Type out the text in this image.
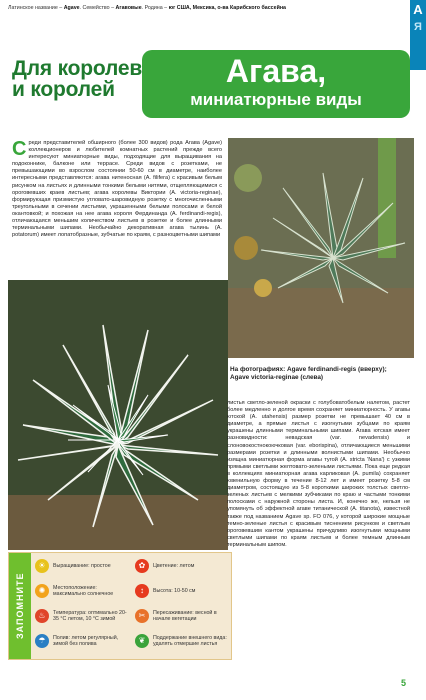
Латинское название – Agave. Семейство – Агавовые. Родина – юг США, Мексика, о-ва Карибского бассейна	А
Я
Для королев
и королей
Агава,
миниатюрные виды
Среди представителей обширного (более 300 видов) рода Агава (Agave) коллекционеров и любителей комнатных растений прежде всего интересуют миниатюрные виды, подходящие для выращивания на подоконнике, балконе или террасе. Среди видов с розетками, не превышающими во взрослом состоянии 50-60 см в диаметре, наиболее интересными представляются: агава нитеносная (A. filifera) с красивым белым рисунком на листьях и длинными тонкими белыми нитями, отщепляющимися с ороговевших краев листьев; агава королевы Виктории (A. victoria-reginae), формирующая призмистую угловато-шаровидную розетку с многочисленными треугольными в сечении листьями, украшенными белыми полосами и белой окантовкой; и похожая на нее агава короля Фердинанда (A. ferdinandi-regis), отличающаяся меньшим количеством листьев в розетке и более длинными терминальными шипами. Необычайно декоративная агава тылинь (A. potatorum) имеет лопатобразные, зубчатые по краям, с разноцветными шипами
На фотографиях: Agave ferdinandi-regis (вверху); Agave victoria-reginae (слева)
листья светло-зеленой окраски с голубоватобелым налетом, растет более медленно и долгое время сохраняет миниатюрность. У агавы ютской (A. utahensis) размер розетки не превышает 40 см в диаметре, а прямые листья с изогнутыми зубцами по краям украшены длинными терминальными шипами. Агава ютская имеет разновидности: невадская (var. nevadensis) и слоновокостнокоючковая (var. eborispina), отличающиеся меньшими размерами розетки и длинными волнистыми шипами. Необычно изящна миниатюрная форма агавы тугой (A. stricta 'Nana') с узкими прямыми светлыми желтовато-зелеными листьями. Пока еще редкая в коллекциях миниатюрная агава карликовая (A. pumila) сохраняет ювенильную форму в течение 8-12 лет и имеет розетку 5-8 см диаметром, состоящую из 5-8 короткими широких толстых светло-зеленых листьев с мелкими зубчиками по краю и частыми тонкими полосками с наружной стороны листа. И, конечно же, нельзя не упомянуть об эффектной агаве титанической (A. titanota), известной также под названием Agave sp. FO 076, у которой широкие мощные темно-зеленые листья с красивым тиснением рисунком и светлым ороговевшим кантом украшены причудливо изогнутыми мощными светлыми шипами по краям листьев и более темным длинным терминальным шипом.
ЗАПОМНИТЕ
☀	Выращивание: простое	✿	Цветение: летом
✺	Местоположение: максимально солнечное	↕	Высота: 10-50 см
♨	Температура: оптимально 20-35 °С летом, 10 °С зимой	✂	Пересаживание: весной в начале вегетации
☂	Полив: летом регулярный, зимой без полива	❦	Поддержание внешнего вида: удалять отмершие листья
5
